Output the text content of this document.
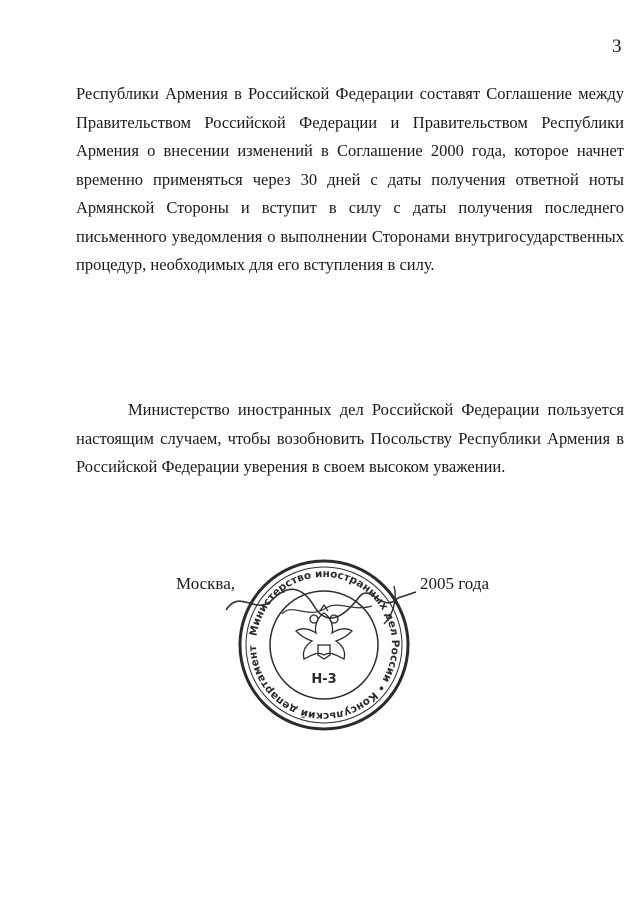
3

Республики Армения в Российской Федерации составят Соглашение между Правительством Российской Федерации и Правительством Республики Армения о внесении изменений в Соглашение 2000 года, которое начнет временно применяться через 30 дней с даты получения ответной ноты Армянской Стороны и вступит в силу с даты получения последнего письменного уведомления о выполнении Сторонами внутригосударственных процедур, необходимых для его вступления в силу.

Министерство иностранных дел Российской Федерации пользуется настоящим случаем, чтобы возобновить Посольству Республики Армения в Российской Федерации уверения в своем высоком уважении.

Москва,	2005 года
Министерство иностранных дел России • Консульский департамент
Н-3
